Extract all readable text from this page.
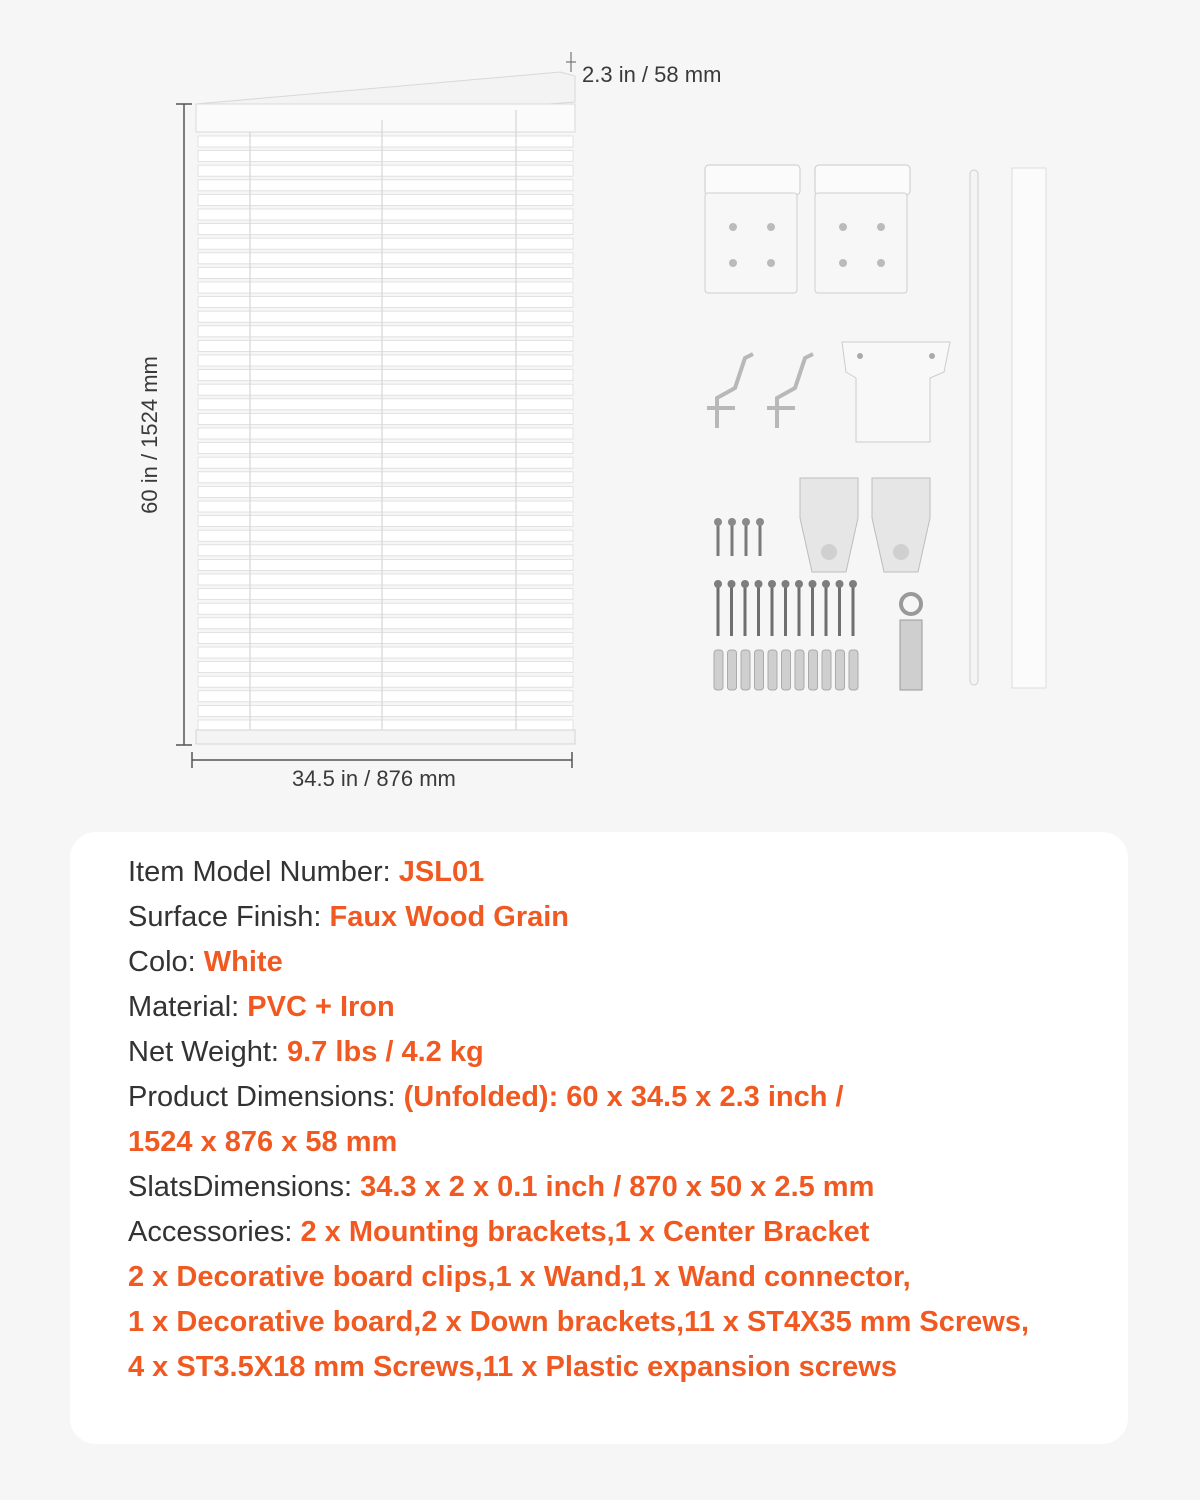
2.3 in / 58 mm
34.5 in / 876 mm
60 in / 1524 mm
Item Model Number: JSL01
Surface Finish: Faux Wood Grain
Colo: White
Material: PVC + Iron
Net Weight: 9.7 lbs / 4.2 kg
Product Dimensions: (Unfolded): 60 x 34.5 x 2.3 inch /
1524 x 876 x 58 mm
SlatsDimensions: 34.3 x 2 x 0.1 inch / 870 x 50 x 2.5 mm
Accessories: 2 x Mounting brackets,1 x Center Bracket
2 x Decorative board clips,1 x Wand,1 x Wand connector,
1 x Decorative board,2 x Down brackets,11 x ST4X35 mm Screws,
4 x ST3.5X18 mm Screws,11 x Plastic expansion screws
